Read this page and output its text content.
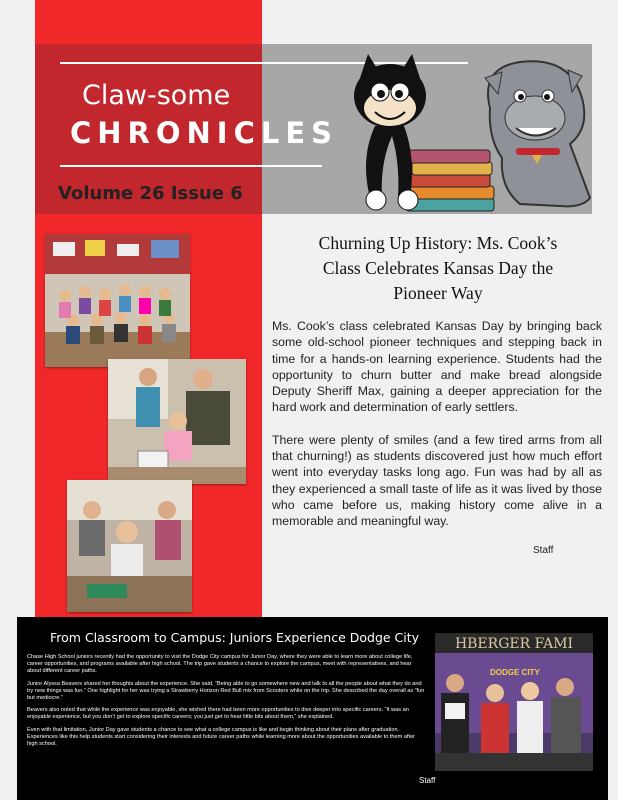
Claw-some
CHRONICLES
Volume 26 Issue 6
Churning Up History: Ms. Cook’s Class Celebrates Kansas Day the Pioneer Way

Ms. Cook’s class celebrated Kansas Day by bringing back some old-school pioneer techniques and stepping back in time for a hands-on learning experience. Students had the opportunity to churn butter and make bread alongside Deputy Sheriff Max, gaining a deeper appreciation for the hard work and determination of early settlers.

There were plenty of smiles (and a few tired arms from all that churning!) as students discovered just how much effort went into everyday tasks long ago. Fun was had by all as they experienced a small taste of life as it was lived by those who came before us, making history come alive in a memorable and meaningful way.

Staff
From Classroom to Campus: Juniors Experience Dodge City

Chase High School juniors recently had the opportunity to visit the Dodge City campus for Junior Day, where they were able to learn more about college life, career opportunities, and programs available after high school. The trip gave students a chance to explore the campus, meet with representatives, and hear about different career paths.

Junior Alyssa Beavers shared her thoughts about the experience. She said, “Being able to go somewhere new and talk to all the people about what they do and try new things was fun.” One highlight for her was trying a Strawberry Horizon Red Bull mix from Scooters while on the trip. She described the day overall as “fun but mediocre.”

Beavers also noted that while the experience was enjoyable, she wished there had been more opportunities to dive deeper into specific careers. “It was an enjoyable experience, but you don’t get to explore specific careers; you just get to hear little bits about them,” she explained.

Even with that limitation, Junior Day gave students a chance to see what a college campus is like and begin thinking about their plans after graduation. Experiences like this help students start considering their interests and future career paths while learning more about the opportunities available to them after high school.

Staff
HBERGER FAMI
DODGE CITY
